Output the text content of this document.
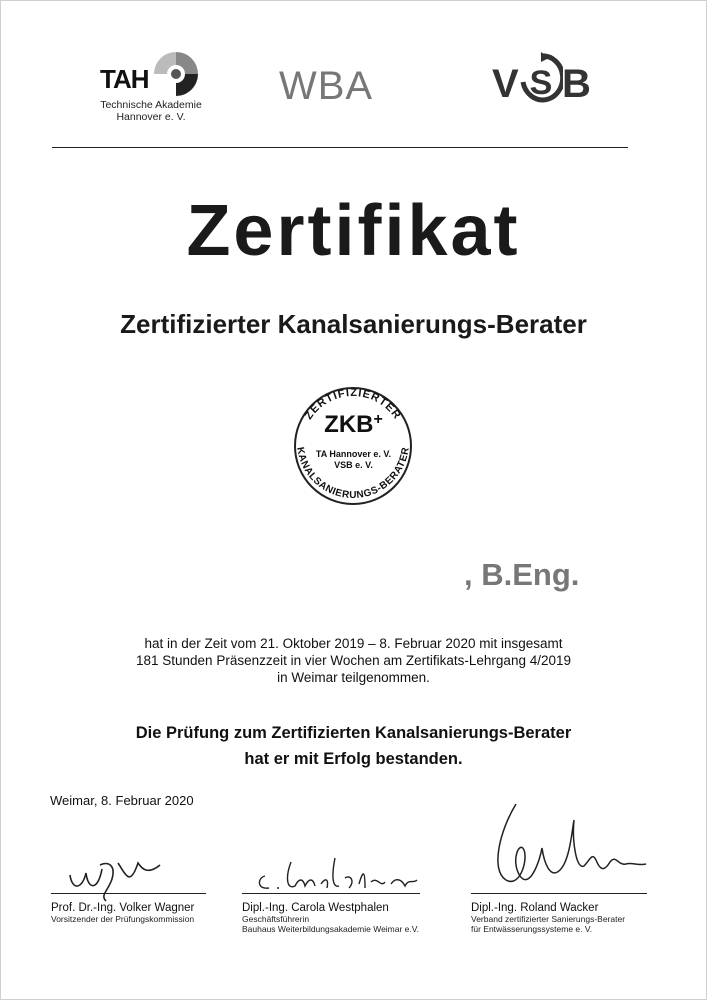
TAH
Technische Akademie
Hannover e. V.
WBA	V S B
Zertifikat
Zertifizierter Kanalsanierungs-Berater
ZERTIFIZIERTER
KANALSANIERUNGS-BERATER
ZKB+
TA Hannover e. V.
VSB e. V.
, B.Eng.
hat in der Zeit vom 21. Oktober 2019 – 8. Februar 2020 mit insgesamt
181 Stunden Präsenzzeit in vier Wochen am Zertifikats-Lehrgang 4/2019
in Weimar teilgenommen.
Die Prüfung zum Zertifizierten Kanalsanierungs-Berater
hat er mit Erfolg bestanden.
Weimar, 8. Februar 2020
Prof. Dr.-Ing. Volker Wagner
Vorsitzender der Prüfungskommission
Dipl.-Ing. Carola Westphalen
Geschäftsführerin
Bauhaus Weiterbildungsakademie Weimar e.V.
Dipl.-Ing. Roland Wacker
Verband zertifizierter Sanierungs-Berater
für Entwässerungssysteme e. V.
